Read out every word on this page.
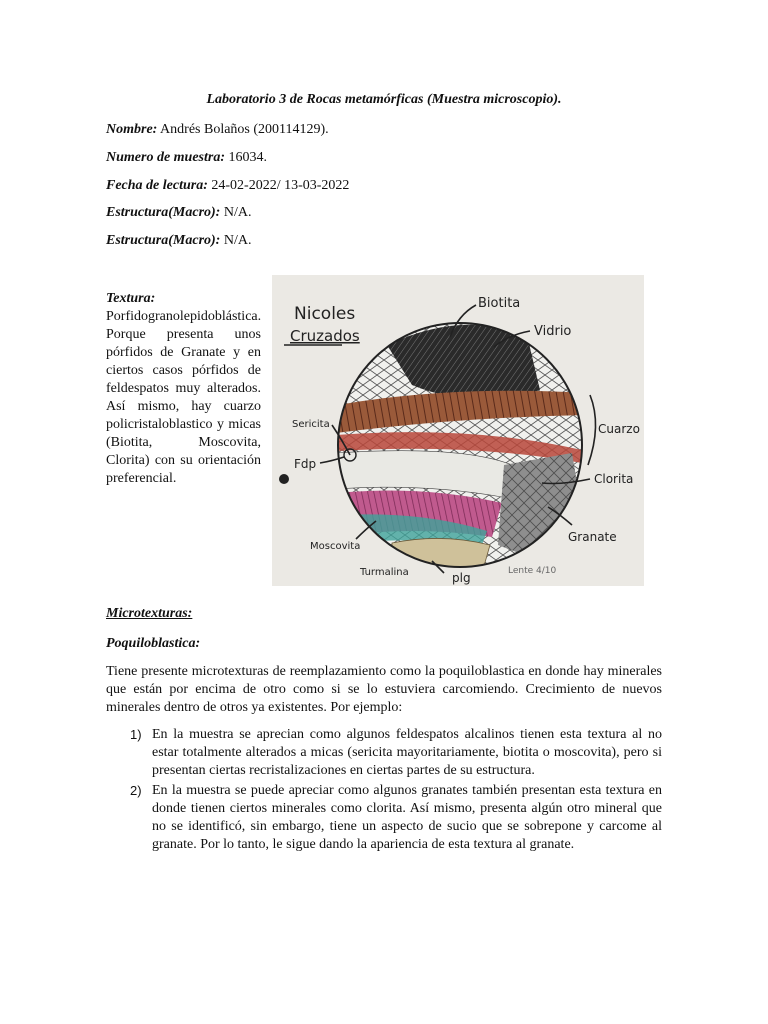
Laboratorio 3 de Rocas metamórficas (Muestra microscopio).
Nombre: Andrés Bolaños (200114129).
Numero de muestra: 16034.
Fecha de lectura: 24-02-2022/ 13-03-2022
Estructura(Macro): N/A.
Estructura(Macro): N/A.
Textura:
Porfidogranolepidoblástica. Porque presenta unos pórfidos de Granate y en ciertos casos pórfidos de feldespatos muy alterados. Así mismo, hay cuarzo policristaloblastico y micas (Biotita, Moscovita, Clorita) con su orientación preferencial.
Nicoles
Cruzados
Biotita
Vidrio
Sericita	Cuarzo
Fdp
Clorita
Granate
Moscovita
Turmalina	plg	Lente 4/10
Microtexturas:
Poquiloblastica:
Tiene presente microtexturas de reemplazamiento como la poquiloblastica en donde hay minerales que están por encima de otro como si se lo estuviera carcomiendo. Crecimiento de nuevos minerales dentro de otros ya existentes. Por ejemplo:
1) En la muestra se aprecian como algunos feldespatos alcalinos tienen esta textura al no estar totalmente alterados a micas (sericita mayoritariamente, biotita o moscovita), pero si presentan ciertas recristalizaciones en ciertas partes de su estructura.
2) En la muestra se puede apreciar como algunos granates también presentan esta textura en donde tienen ciertos minerales como clorita. Así mismo, presenta algún otro mineral que no se identificó, sin embargo, tiene un aspecto de sucio que se sobrepone y carcome al granate. Por lo tanto, le sigue dando la apariencia de esta textura al granate.
